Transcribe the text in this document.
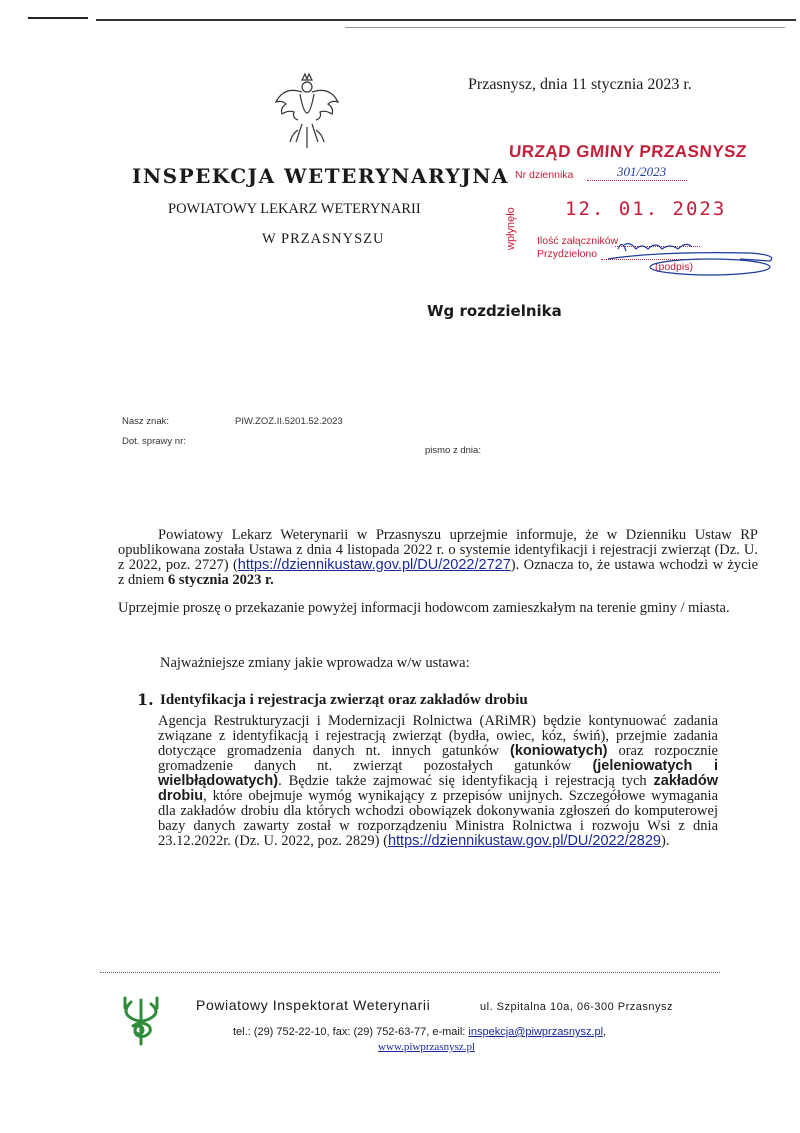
Przasnysz, dnia 11 stycznia 2023 r.
INSPEKCJA WETERYNARYJNA
POWIATOWY LEKARZ WETERYNARII
W PRZASNYSZU
URZĄD GMINY PRZASNYSZ
Nr dziennika	301/2023
12. 01. 2023
wpłynęło Ilość załączników
Przydzielono
(podpis)
Wg rozdzielnika
Nasz znak:	PIW.ZOZ.II.5201.52.2023
Dot. sprawy nr:
pismo z dnia:
Powiatowy Lekarz Weterynarii w Przasnyszu uprzejmie informuje, że w Dzienniku Ustaw RP opublikowana została Ustawa z dnia 4 listopada 2022 r. o systemie identyfikacji i rejestracji zwierząt (Dz. U. z 2022, poz. 2727) (https://dziennikustaw.gov.pl/DU/2022/2727). Oznacza to, że ustawa wchodzi w życie z dniem 6 stycznia 2023 r.
Uprzejmie proszę o przekazanie powyżej informacji hodowcom zamieszkałym na terenie gminy / miasta.
Najważniejsze zmiany jakie wprowadza w/w ustawa:
1. Identyfikacja i rejestracja zwierząt oraz zakładów drobiu
Agencja Restrukturyzacji i Modernizacji Rolnictwa (ARiMR) będzie kontynuować zadania związane z identyfikacją i rejestracją zwierząt (bydła, owiec, kóz, świń), przejmie zadania dotyczące gromadzenia danych nt. innych gatunków (koniowatych) oraz rozpocznie gromadzenie danych nt. zwierząt pozostałych gatunków (jeleniowatych i wielbłądowatych). Będzie także zajmować się identyfikacją i rejestracją tych zakładów drobiu, które obejmuje wymóg wynikający z przepisów unijnych. Szczegółowe wymagania dla zakładów drobiu dla których wchodzi obowiązek dokonywania zgłoszeń do komputerowej bazy danych zawarty został w rozporządzeniu Ministra Rolnictwa i rozwoju Wsi z dnia 23.12.2022r. (Dz. U. 2022, poz. 2829) (https://dziennikustaw.gov.pl/DU/2022/2829).
Powiatowy Inspektorat Weterynarii	ul. Szpitalna 10a, 06-300 Przasnysz
tel.: (29) 752-22-10, fax: (29) 752-63-77, e-mail: inspekcja@piwprzasnysz.pl,
www.piwprzasnysz.pl
